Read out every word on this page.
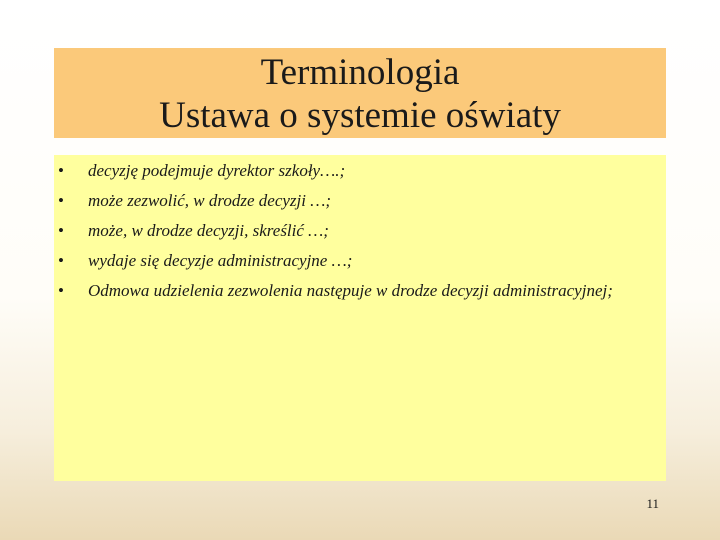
Terminologia
Ustawa o systemie oświaty
• decyzję podejmuje dyrektor szkoły….;
• może zezwolić, w drodze decyzji …;
• może, w drodze decyzji, skreślić …;
• wydaje się decyzje administracyjne …;
• Odmowa udzielenia zezwolenia następuje w drodze decyzji administracyjnej;
11
